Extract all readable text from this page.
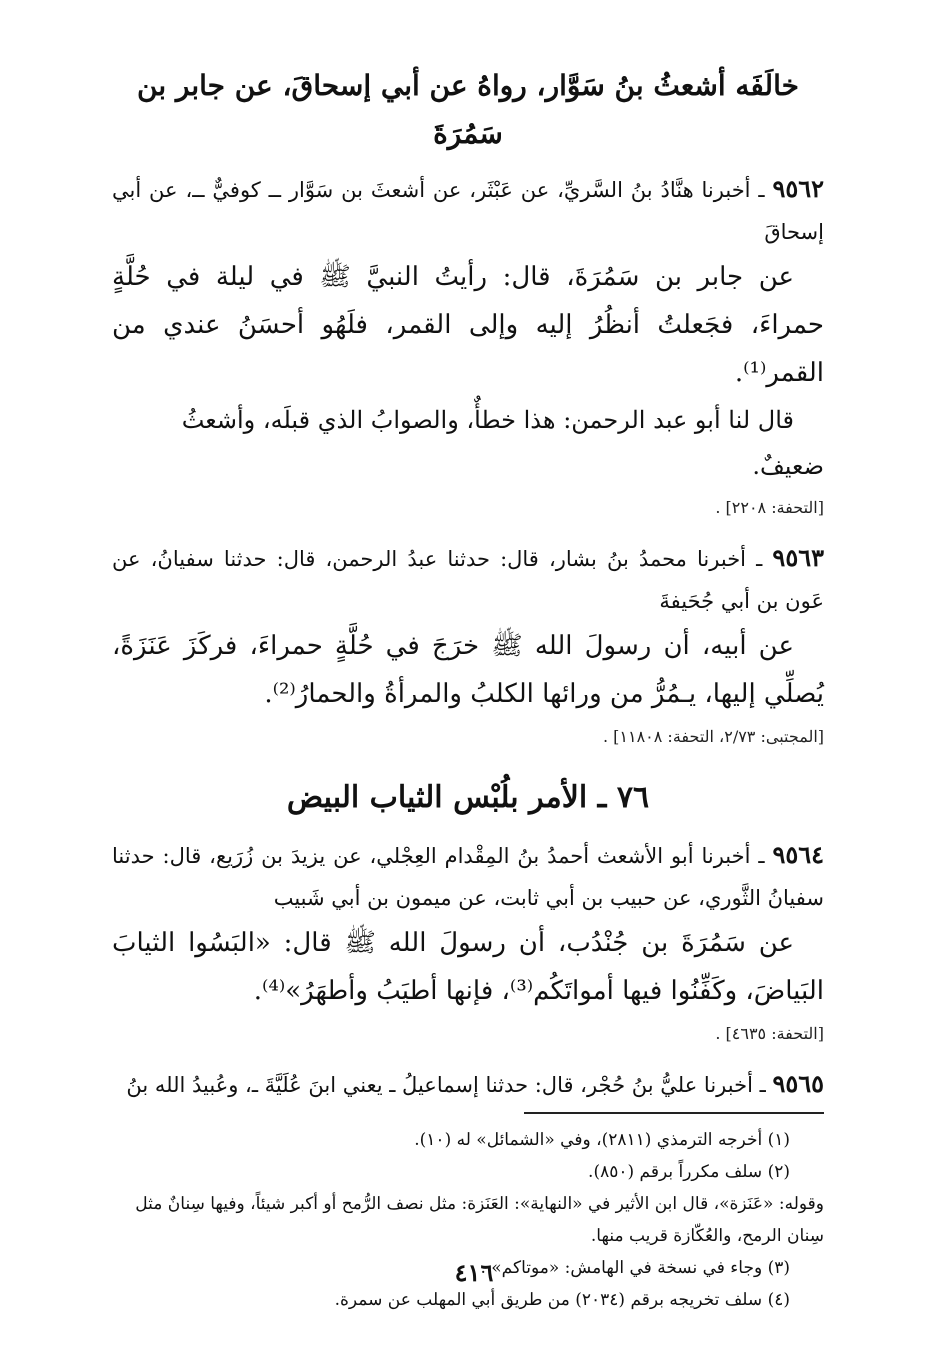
خالَفَه أشعثُ بنُ سَوَّار، رواهُ عن أبي إسحاقَ، عن جابر بن سَمُرَةَ

٩٥٦٢ ـ أخبرنا هنَّادُ بنُ السَّريِّ، عن عَبْثَر، عن أشعثَ بن سَوَّار ــ كوفيٌّ ــ، عن أبي إسحاقَ

عن جابر بن سَمُرَةَ، قال: رأيتُ النبيَّ ﷺ في ليلة في حُلَّةٍ حمراءَ، فجَعلتُ أنظُرُ إليه وإلى القمر، فلَهُو أحسَنُ عندي من القمر⁽¹⁾.

قال لنا أبو عبد الرحمن: هذا خطأٌ، والصوابُ الذي قبلَه، وأشعثُ ضعيفٌ.

[التحفة: ٢٢٠٨] .

٩٥٦٣ ـ أخبرنا محمدُ بنُ بشار، قال: حدثنا عبدُ الرحمن، قال: حدثنا سفيانُ، عن عَون بن أبي جُحَيفةَ

عن أبيه، أن رسولَ الله ﷺ خرَجَ في حُلَّةٍ حمراءَ، فركَزَ عَنَزَةً، يُصلِّي إليها، يـمُرُّ من ورائها الكلبُ والمرأةُ والحمارُ⁽²⁾.

[المجتبى: ٢/٧٣، التحفة: ١١٨٠٨] .

٧٦ ـ الأمر بلُبْس الثياب البيض

٩٥٦٤ ـ أخبرنا أبو الأشعث أحمدُ بنُ المِقْدام العِجْلي، عن يزيدَ بن زُرَيع، قال: حدثنا سفيانُ الثَّوري، عن حبيب بن أبي ثابت، عن ميمون بن أبي شَبيب

عن سَمُرَةَ بن جُنْدُب، أن رسولَ الله ﷺ قال: «البَسُوا الثيابَ البَياضَ، وكَفِّنُوا فيها أمواتَكُم⁽³⁾، فإنها أطيَبُ وأطهَرُ»⁽⁴⁾.

[التحفة: ٤٦٣٥] .

٩٥٦٥ ـ أخبرنا عليُّ بنُ حُجْر، قال: حدثنا إسماعيلُ ـ يعني ابنَ عُلَيَّةَ ـ، وعُبيدُ الله بنُ

(١) أخرجه الترمذي (٢٨١١)، وفي «الشمائل» له (١٠).

(٢) سلف مكرراً برقم (٨٥٠).

وقوله: «عَنَزة»، قال ابن الأثير في «النهاية»: العَنَزة: مثل نصف الرُّمح أو أكبر شيئاً، وفيها سِنانٌ مثل سِنان الرمح، والعُكّازة قريب منها.

(٣) وجاء في نسخة في الهامش: «موتاكم» .

(٤) سلف تخريجه برقم (٢٠٣٤) من طريق أبي المهلب عن سمرة.

٤١٦
